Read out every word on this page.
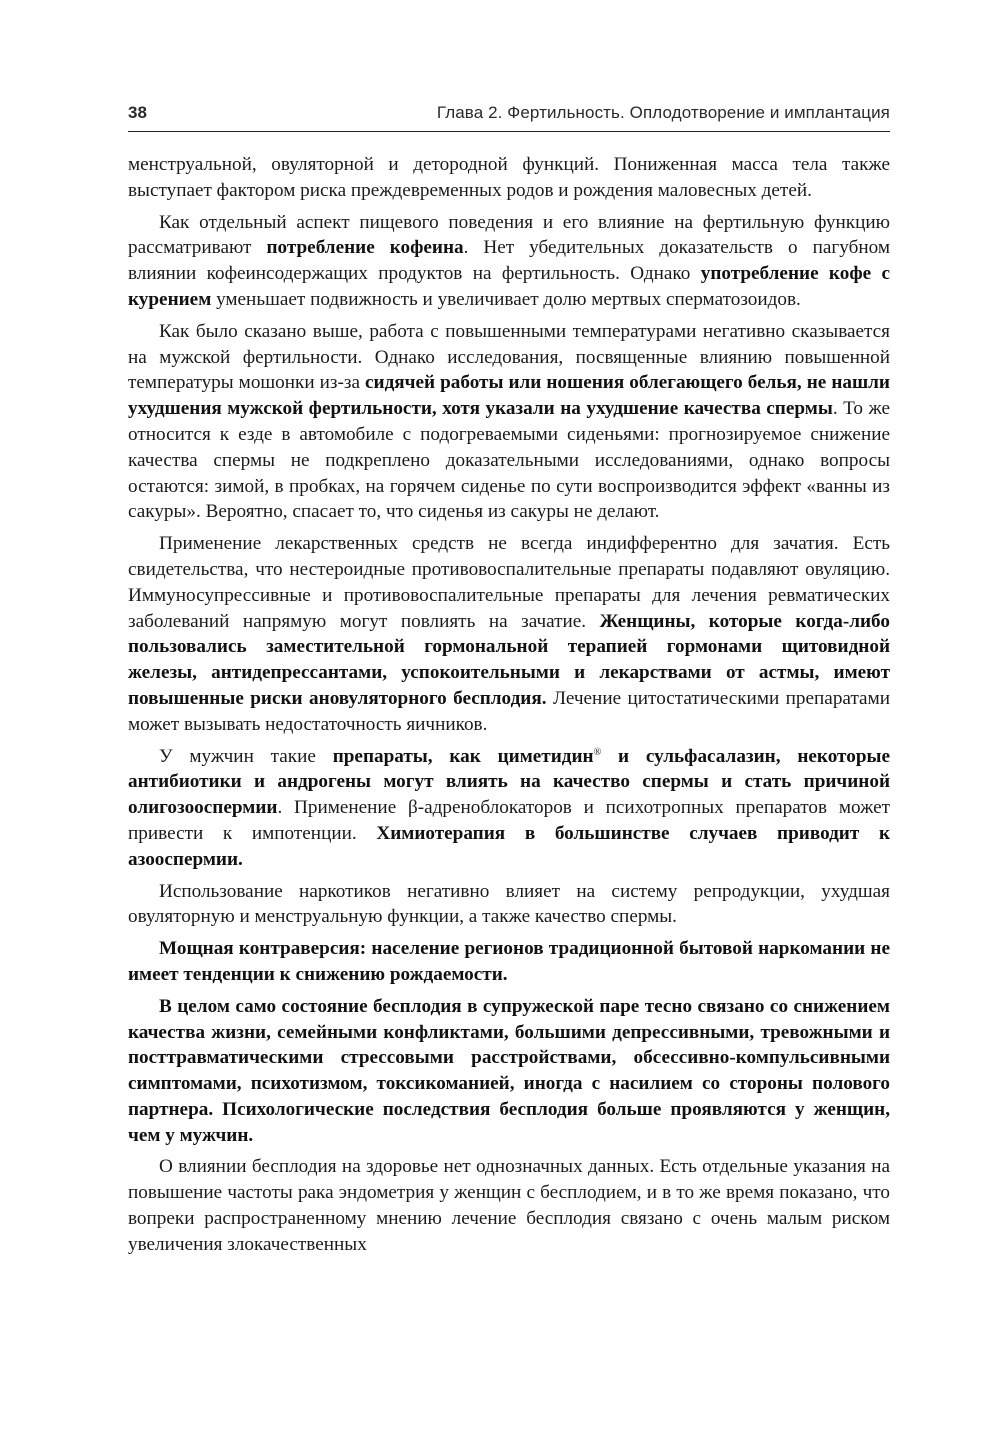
38	Глава 2. Фертильность. Оплодотворение и имплантация

менструальной, овуляторной и детородной функций. Пониженная масса тела также выступает фактором риска преждевременных родов и рождения маловесных детей.

Как отдельный аспект пищевого поведения и его влияние на фертильную функцию рассматривают потребление кофеина. Нет убедительных доказательств о пагубном влиянии кофеинсодержащих продуктов на фертильность. Однако употребление кофе с курением уменьшает подвижность и увеличивает долю мертвых сперматозоидов.

Как было сказано выше, работа с повышенными температурами негативно сказывается на мужской фертильности. Однако исследования, посвященные влиянию повышенной температуры мошонки из-за сидячей работы или ношения облегающего белья, не нашли ухудшения мужской фертильности, хотя указали на ухудшение качества спермы. То же относится к езде в автомобиле с подогреваемыми сиденьями: прогнозируемое снижение качества спермы не подкреплено доказательными исследованиями, однако вопросы остаются: зимой, в пробках, на горячем сиденье по сути воспроизводится эффект «ванны из сакуры». Вероятно, спасает то, что сиденья из сакуры не делают.

Применение лекарственных средств не всегда индифферентно для зачатия. Есть свидетельства, что нестероидные противовоспалительные препараты подавляют овуляцию. Иммуносупрессивные и противовоспалительные препараты для лечения ревматических заболеваний напрямую могут повлиять на зачатие. Женщины, которые когда-либо пользовались заместительной гормональной терапией гормонами щитовидной железы, антидепрессантами, успокоительными и лекарствами от астмы, имеют повышенные риски ановуляторного бесплодия. Лечение цитостатическими препаратами может вызывать недостаточность яичников.

У мужчин такие препараты, как циметидин® и сульфасалазин, некоторые антибиотики и андрогены могут влиять на качество спермы и стать причиной олигозооспермии. Применение β-адреноблокаторов и психотропных препаратов может привести к импотенции. Химиотерапия в большинстве случаев приводит к азооспермии.

Использование наркотиков негативно влияет на систему репродукции, ухудшая овуляторную и менструальную функции, а также качество спермы.

Мощная контраверсия: население регионов традиционной бытовой наркомании не имеет тенденции к снижению рождаемости.

В целом само состояние бесплодия в супружеской паре тесно связано со снижением качества жизни, семейными конфликтами, большими депрессивными, тревожными и посттравматическими стрессовыми расстройствами, обсессивно-компульсивными симптомами, психотизмом, токсикоманией, иногда с насилием со стороны полового партнера. Психологические последствия бесплодия больше проявляются у женщин, чем у мужчин.

О влиянии бесплодия на здоровье нет однозначных данных. Есть отдельные указания на повышение частоты рака эндометрия у женщин с бесплодием, и в то же время показано, что вопреки распространенному мнению лечение бесплодия связано с очень малым риском увеличения злокачественных
